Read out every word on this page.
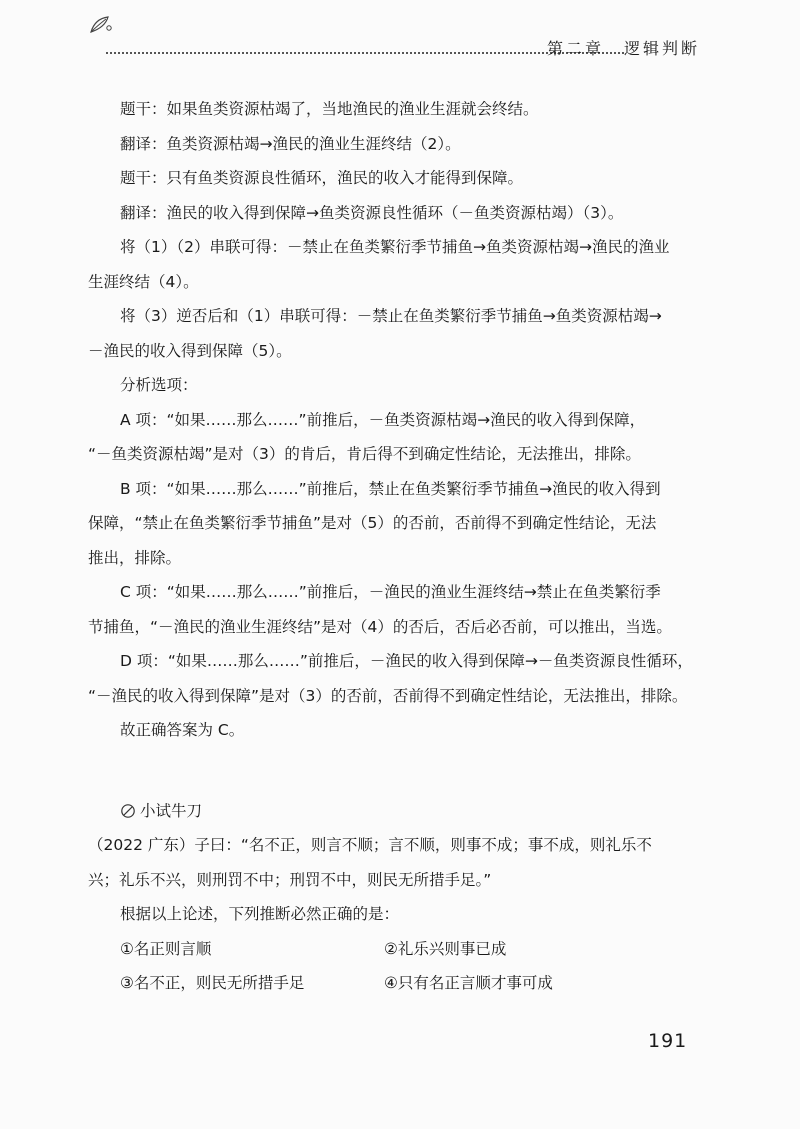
第二章 逻辑判断
题干：如果鱼类资源枯竭了，当地渔民的渔业生涯就会终结。
翻译：鱼类资源枯竭→渔民的渔业生涯终结（2）。
题干：只有鱼类资源良性循环，渔民的收入才能得到保障。
翻译：渔民的收入得到保障→鱼类资源良性循环（－鱼类资源枯竭）（3）。
将（1）（2）串联可得：－禁止在鱼类繁衍季节捕鱼→鱼类资源枯竭→渔民的渔业
生涯终结（4）。
将（3）逆否后和（1）串联可得：－禁止在鱼类繁衍季节捕鱼→鱼类资源枯竭→
－渔民的收入得到保障（5）。
分析选项：
A 项：“如果……那么……”前推后，－鱼类资源枯竭→渔民的收入得到保障，
“－鱼类资源枯竭”是对（3）的肯后，肯后得不到确定性结论，无法推出，排除。
B 项：“如果……那么……”前推后，禁止在鱼类繁衍季节捕鱼→渔民的收入得到
保障，“禁止在鱼类繁衍季节捕鱼”是对（5）的否前，否前得不到确定性结论，无法
推出，排除。
C 项：“如果……那么……”前推后，－渔民的渔业生涯终结→禁止在鱼类繁衍季
节捕鱼，“－渔民的渔业生涯终结”是对（4）的否后，否后必否前，可以推出，当选。
D 项：“如果……那么……”前推后，－渔民的收入得到保障→－鱼类资源良性循环，
“－渔民的收入得到保障”是对（3）的否前，否前得不到确定性结论，无法推出，排除。
故正确答案为 C。
小试牛刀
（2022 广东）子曰：“名不正，则言不顺；言不顺，则事不成；事不成，则礼乐不
兴；礼乐不兴，则刑罚不中；刑罚不中，则民无所措手足。”
根据以上论述，下列推断必然正确的是：
①名正则言顺	②礼乐兴则事已成
③名不正，则民无所措手足	④只有名正言顺才事可成
191
